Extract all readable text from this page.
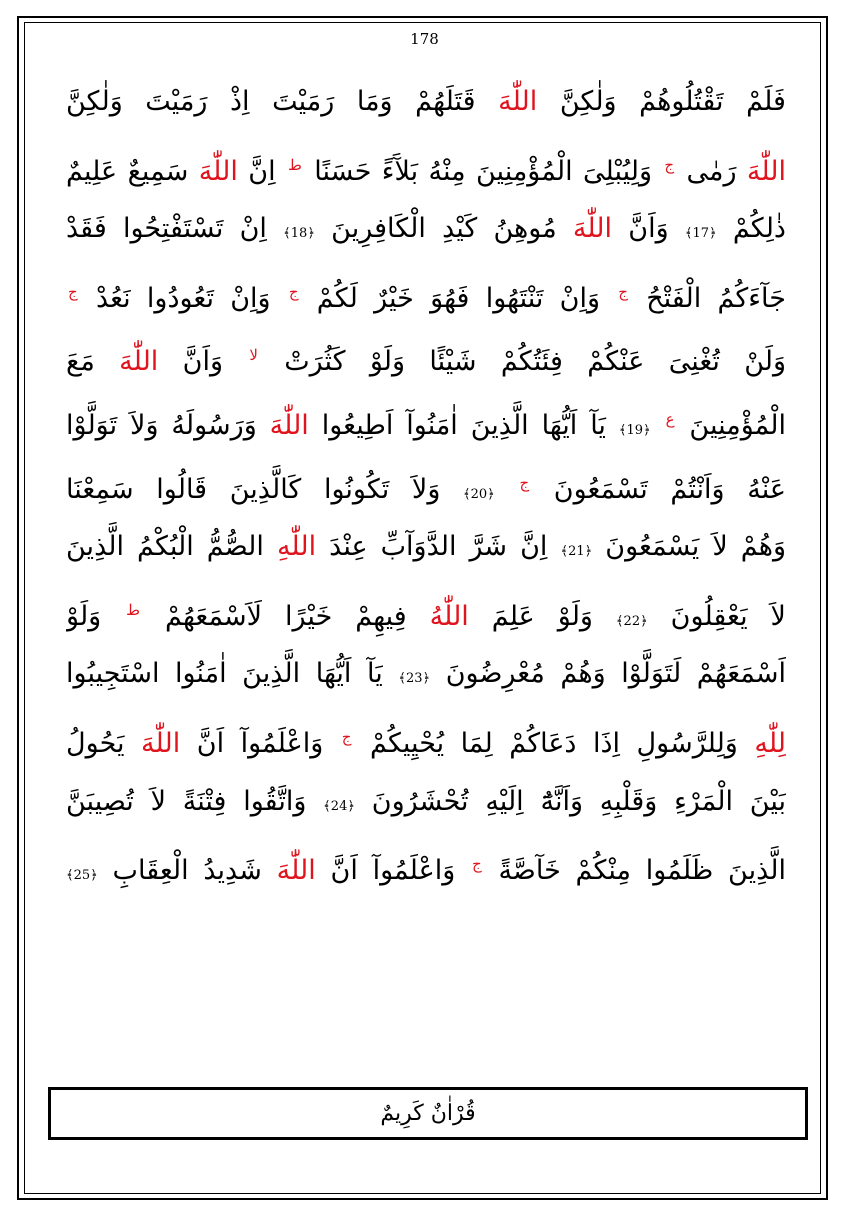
178
فَلَمْ تَقْتُلُوهُمْ وَلٰكِنَّ اللّٰهَ قَتَلَهُمْ وَمَا رَمَيْتَ اِذْ رَمَيْتَ وَلٰكِنَّ
اللّٰهَ رَمٰى $^ج$ وَلِيُبْلِىَ الْمُؤْمِنِينَ مِنْهُ بَلآَءً حَسَنًا $^ط$ اِنَّ اللّٰهَ سَمِيعٌ عَلِيمٌ
ذٰلِكُمْ ﴿17﴾ وَاَنَّ اللّٰهَ مُوهِنُ كَيْدِ الْكَافِرِينَ ﴿18﴾ اِنْ تَسْتَفْتِحُوا فَقَدْ
جَآءَكُمُ الْفَتْحُ $^ج$ وَاِنْ تَنْتَهُوا فَهُوَ خَيْرٌ لَكُمْ $^ج$ وَاِنْ تَعُودُوا نَعُدْ $^ج$
وَلَنْ تُغْنِىَ عَنْكُمْ فِئَتُكُمْ شَيْئًا وَلَوْ كَثُرَتْ $^{لا}$ وَاَنَّ اللّٰهَ مَعَ
الْمُؤْمِنِينَ $^ع$ ﴿19﴾ يَآ اَيُّهَا الَّذِينَ اٰمَنُوآ اَطِيعُوا اللّٰهَ وَرَسُولَهُ وَلاَ تَوَلَّوْا
عَنْهُ وَاَنْتُمْ تَسْمَعُونَ $^ج$ ﴿20﴾ وَلاَ تَكُونُوا كَالَّذِينَ قَالُوا سَمِعْنَا
وَهُمْ لاَ يَسْمَعُونَ ﴿21﴾ اِنَّ شَرَّ الدَّوَآبِّ عِنْدَ اللّٰهِ الصُّمُّ الْبُكْمُ الَّذِينَ
لاَ يَعْقِلُونَ ﴿22﴾ وَلَوْ عَلِمَ اللّٰهُ فِيهِمْ خَيْرًا لَاَسْمَعَهُمْ $^ط$ وَلَوْ
اَسْمَعَهُمْ لَتَوَلَّوْا وَهُمْ مُعْرِضُونَ ﴿23﴾ يَآ اَيُّهَا الَّذِينَ اٰمَنُوا اسْتَجِيبُوا
لِلّٰهِ وَلِلرَّسُولِ اِذَا دَعَاكُمْ لِمَا يُحْيِيكُمْ $^ج$ وَاعْلَمُوآ اَنَّ اللّٰهَ يَحُولُ
بَيْنَ الْمَرْءِ وَقَلْبِهِ وَاَنَّهُٓ اِلَيْهِ تُحْشَرُونَ ﴿24﴾ وَاتَّقُوا فِتْنَةً لاَ تُصِيبَنَّ
الَّذِينَ ظَلَمُوا مِنْكُمْ خَآصَّةً $^ج$ وَاعْلَمُوآ اَنَّ اللّٰهَ شَدِيدُ الْعِقَابِ ﴿25﴾
قُرْاٰنٌ كَرِيمٌ
